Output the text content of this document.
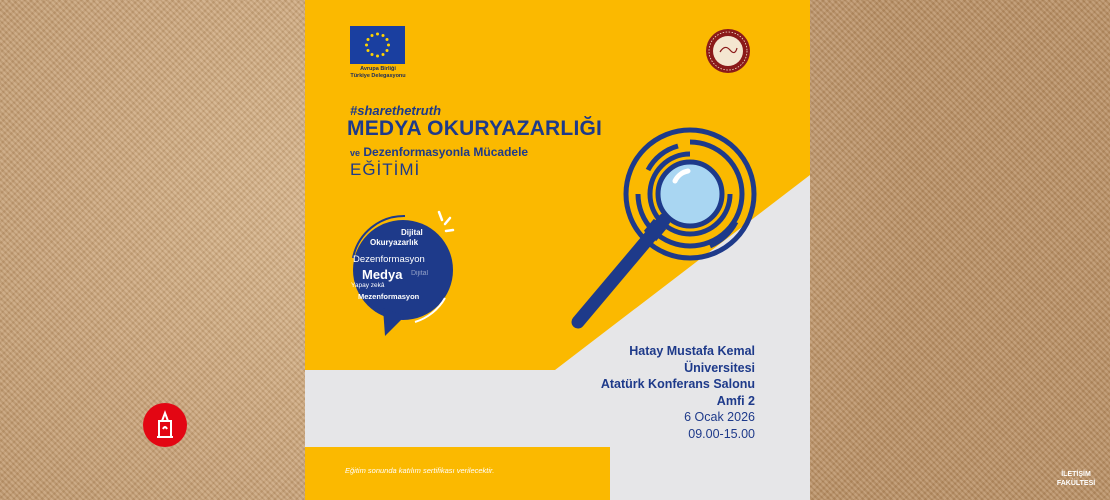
Avrupa Birliği
Türkiye Delegasyonu
#sharethetruth
MEDYA OKURYAZARLIĞI
ve Dezenformasyonla Mücadele
EĞİTİMİ
Dijital
Okuryazarlık
Dezenformasyon
Medya Dijital
Yapay zekâ
Mezenformasyon
Hatay Mustafa Kemal
Üniversitesi
Atatürk Konferans Salonu
Amfi 2
6 Ocak 2026
09.00-15.00
Eğitim sonunda katılım sertifikası verilecektir.	İLETİŞİM
FAKÜLTESİ
